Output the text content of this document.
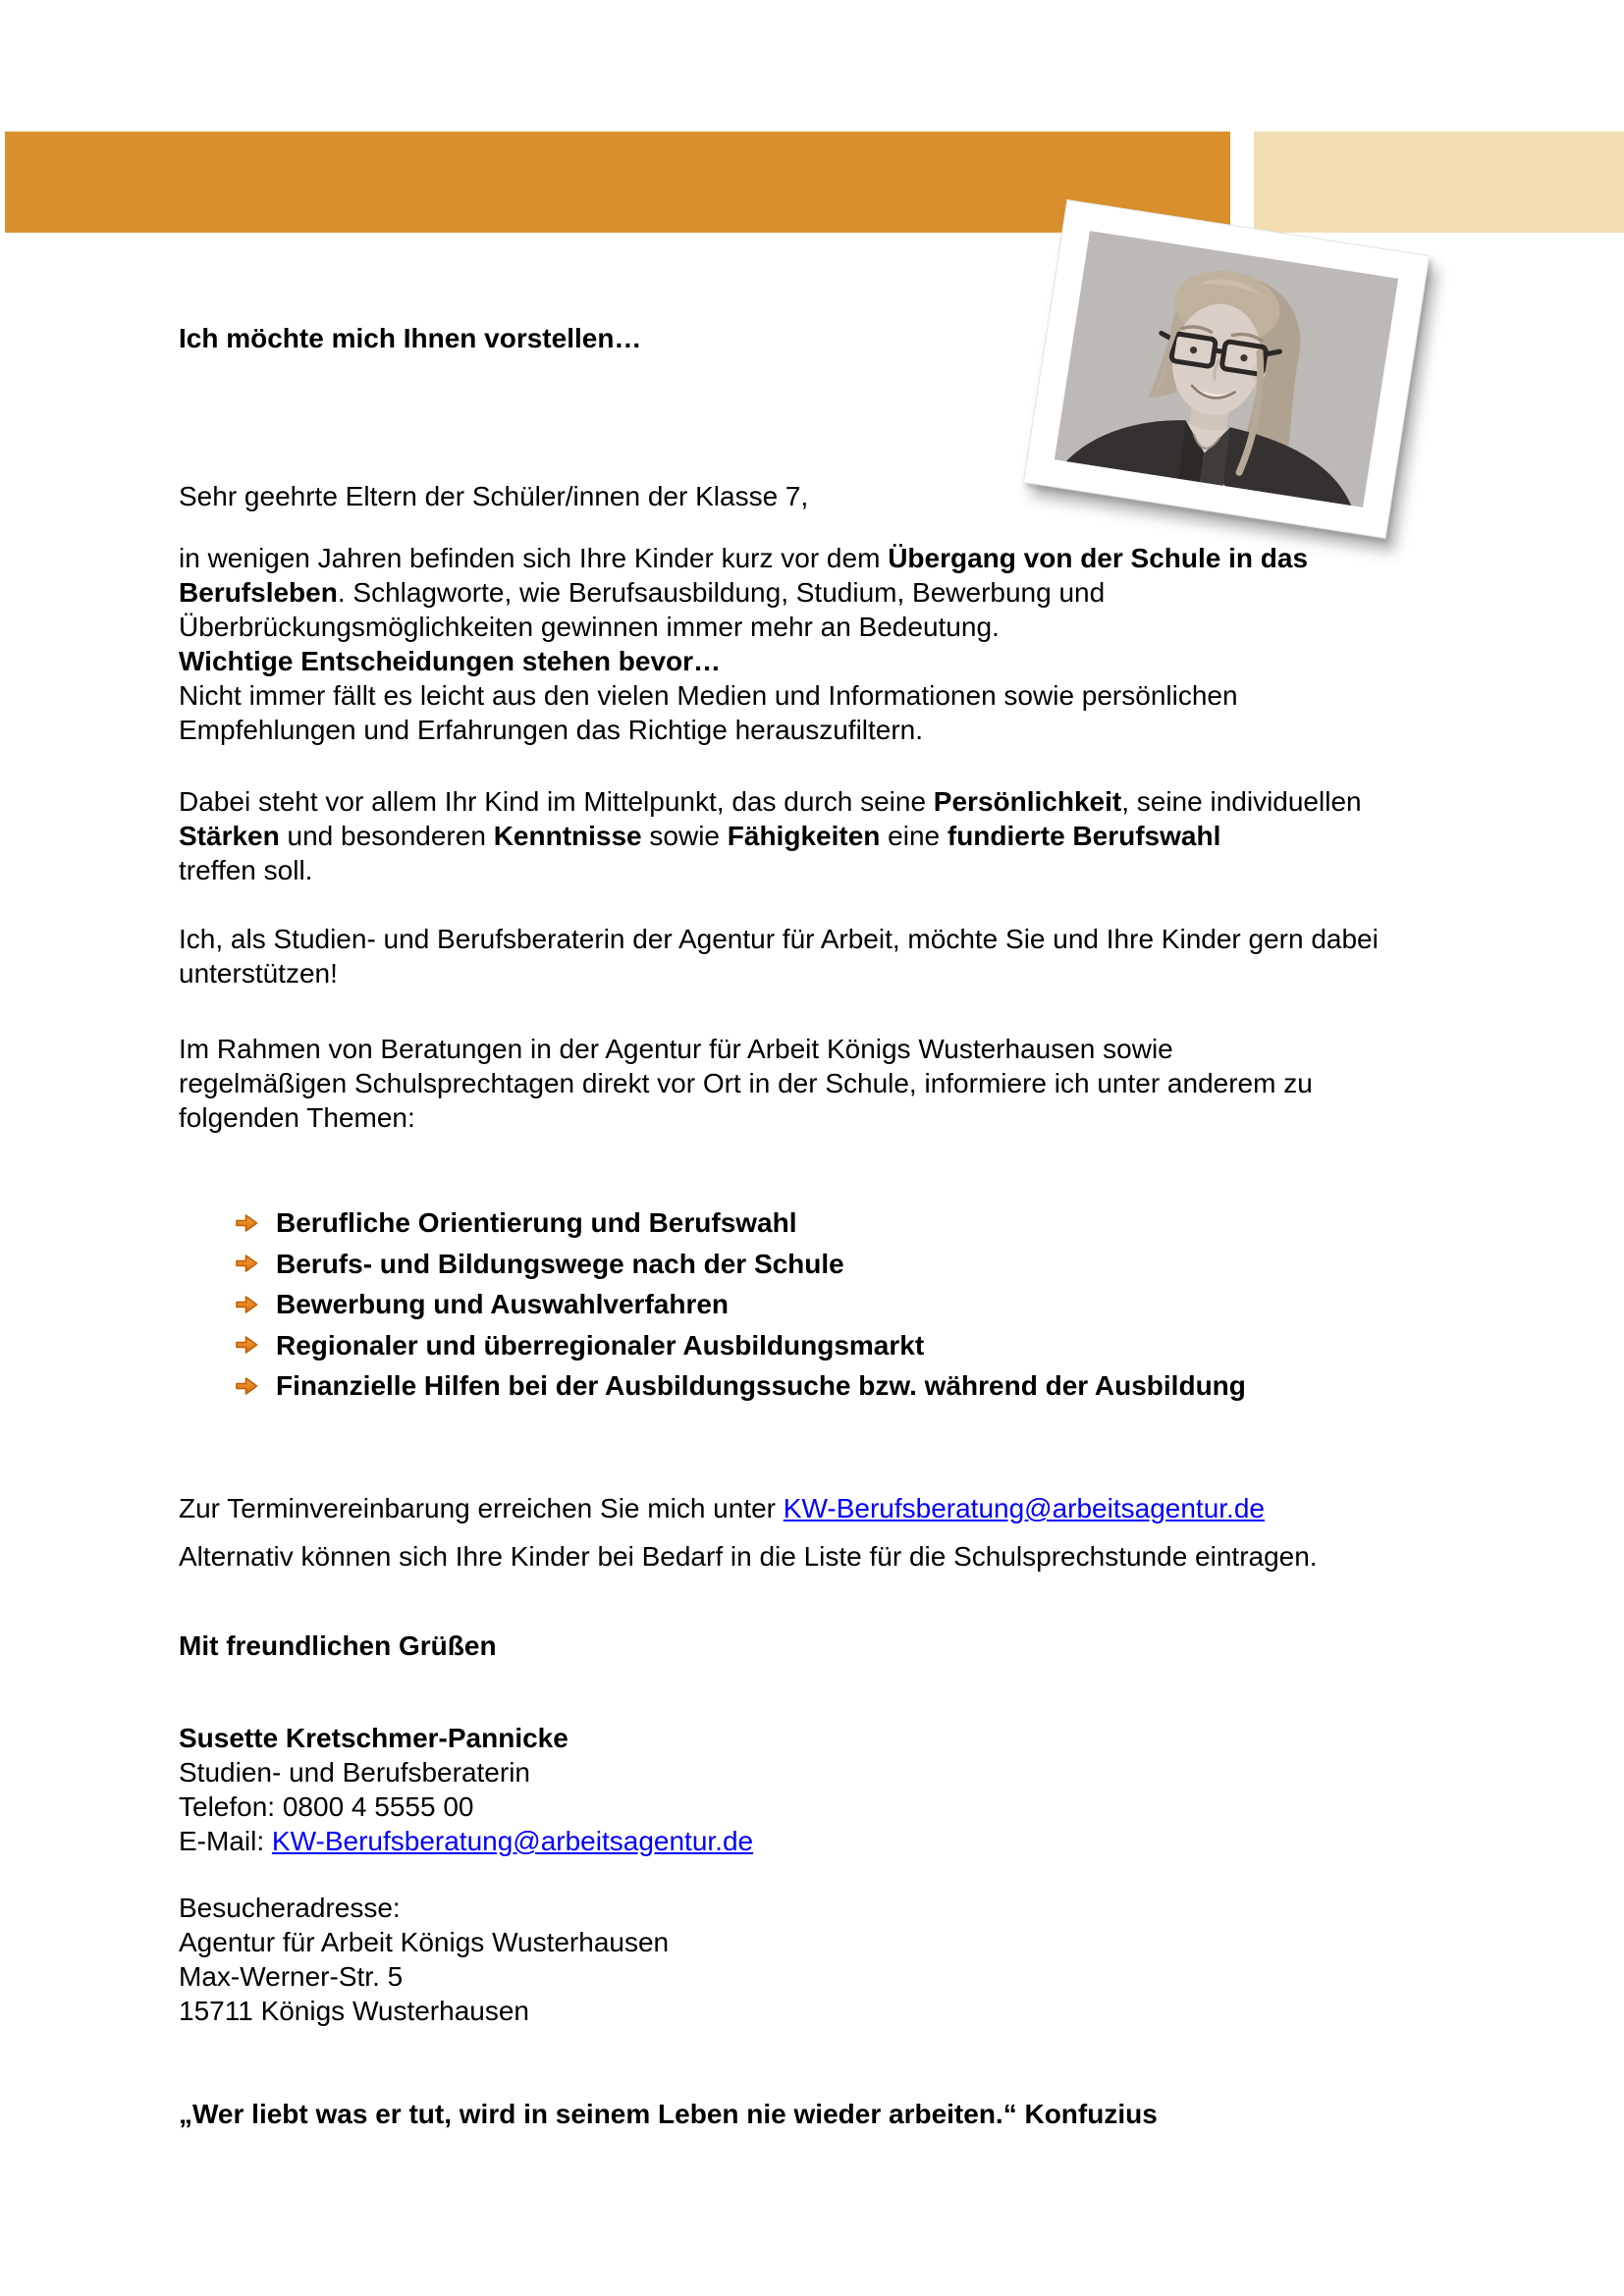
Ich möchte mich Ihnen vorstellen…
Sehr geehrte Eltern der Schüler/innen der Klasse 7,
in wenigen Jahren befinden sich Ihre Kinder kurz vor dem Übergang von der Schule in das
Berufsleben. Schlagworte, wie Berufsausbildung, Studium, Bewerbung und
Überbrückungsmöglichkeiten gewinnen immer mehr an Bedeutung.
Wichtige Entscheidungen stehen bevor…
Nicht immer fällt es leicht aus den vielen Medien und Informationen sowie persönlichen
Empfehlungen und Erfahrungen das Richtige herauszufiltern.
Dabei steht vor allem Ihr Kind im Mittelpunkt, das durch seine Persönlichkeit, seine individuellen
Stärken und besonderen Kenntnisse sowie Fähigkeiten eine fundierte Berufswahl
treffen soll.
Ich, als Studien- und Berufsberaterin der Agentur für Arbeit, möchte Sie und Ihre Kinder gern dabei
unterstützen!
Im Rahmen von Beratungen in der Agentur für Arbeit Königs Wusterhausen sowie
regelmäßigen Schulsprechtagen direkt vor Ort in der Schule, informiere ich unter anderem zu
folgenden Themen:
Berufliche Orientierung und Berufswahl
Berufs- und Bildungswege nach der Schule
Bewerbung und Auswahlverfahren
Regionaler und überregionaler Ausbildungsmarkt
Finanzielle Hilfen bei der Ausbildungssuche bzw. während der Ausbildung
Zur Terminvereinbarung erreichen Sie mich unter KW-Berufsberatung@arbeitsagentur.de
Alternativ können sich Ihre Kinder bei Bedarf in die Liste für die Schulsprechstunde eintragen.
Mit freundlichen Grüßen
Susette Kretschmer-Pannicke
Studien- und Berufsberaterin
Telefon: 0800 4 5555 00
E-Mail: KW-Berufsberatung@arbeitsagentur.de
Besucheradresse:
Agentur für Arbeit Königs Wusterhausen
Max-Werner-Str. 5
15711 Königs Wusterhausen
„Wer liebt was er tut, wird in seinem Leben nie wieder arbeiten.“ Konfuzius
